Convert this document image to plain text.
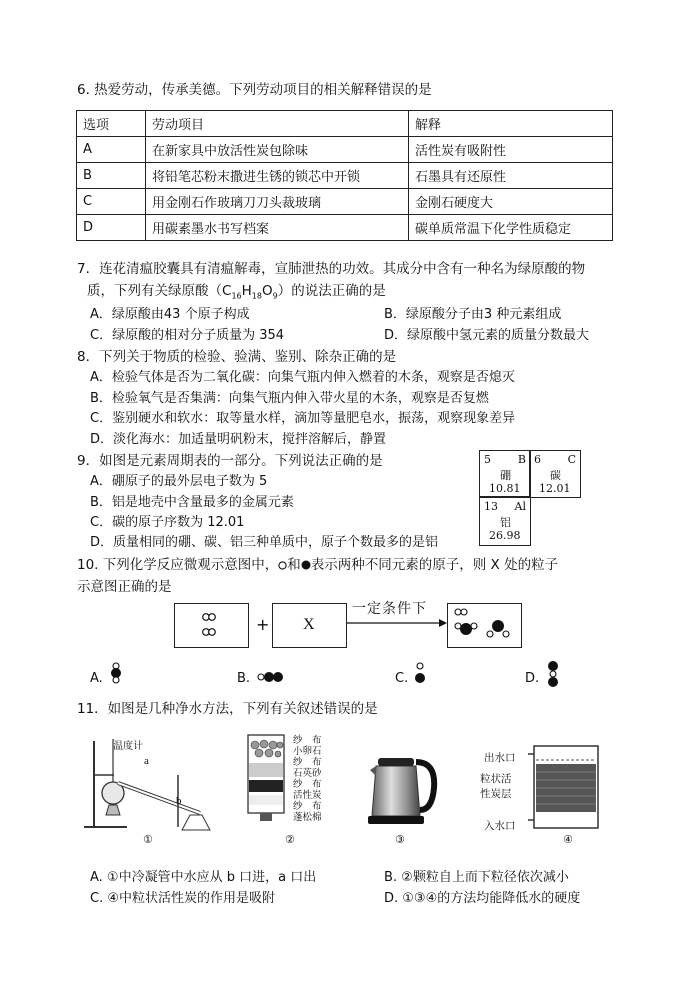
6. 热爱劳动，传承美德。下列劳动项目的相关解释错误的是
选项	劳动项目	解释
A	在新家具中放活性炭包除味	活性炭有吸附性
B	将铅笔芯粉末撒进生锈的锁芯中开锁	石墨具有还原性
C	用金刚石作玻璃刀刀头裁玻璃	金刚石硬度大
D	用碳素墨水书写档案	碳单质常温下化学性质稳定
7．连花清瘟胶囊具有清瘟解毒，宣肺泄热的功效。其成分中含有一种名为绿原酸的物
质，下列有关绿原酸$(C_{16}H_{18}O_9)$的说法正确的是
A．绿原酸由43 个原子构成	B．绿原酸分子由3 种元素组成
C．绿原酸的相对分子质量为 354	D．绿原酸中氢元素的质量分数最大
8．下列关于物质的检验、验满、鉴别、除杂正确的是
A．检验气体是否为二氧化碳：向集气瓶内伸入燃着的木条，观察是否熄灭
B．检验氧气是否集满：向集气瓶内伸入带火星的木条，观察是否复燃
C．鉴别硬水和软水：取等量水样，滴加等量肥皂水，振荡，观察现象差异
D．淡化海水：加适量明矾粉末，搅拌溶解后，静置
9．如图是元素周期表的一部分。下列说法正确的是
A．硼原子的最外层电子数为 5
B．铝是地壳中含量最多的金属元素
C．碳的原子序数为 12.01
D．质量相同的硼、碳、铝三种单质中，原子个数最多的是铝
5 B
硼
10.81
6 C
碳
12.01
13 Al
铝
26.98
10. 下列化学反应微观示意图中， 和 表示两种不同元素的原子，则 X 处的粒子
示意图正确的是
+ X
一定条件下
A.	B.	C.	D.
11．如图是几种净水方法，下列有关叙述错误的是
温度计
a
b
①
纱　布
小卵石
纱　布
石英砂
纱　布
活性炭
纱　布
蓬松棉
②	③
出水口
粒状活
性炭层
入水口
④
A. ①中冷凝管中水应从 b 口进，a 口出	B. ②颗粒自上而下粒径依次减小
C. ④中粒状活性炭的作用是吸附	D. ①③④的方法均能降低水的硬度
